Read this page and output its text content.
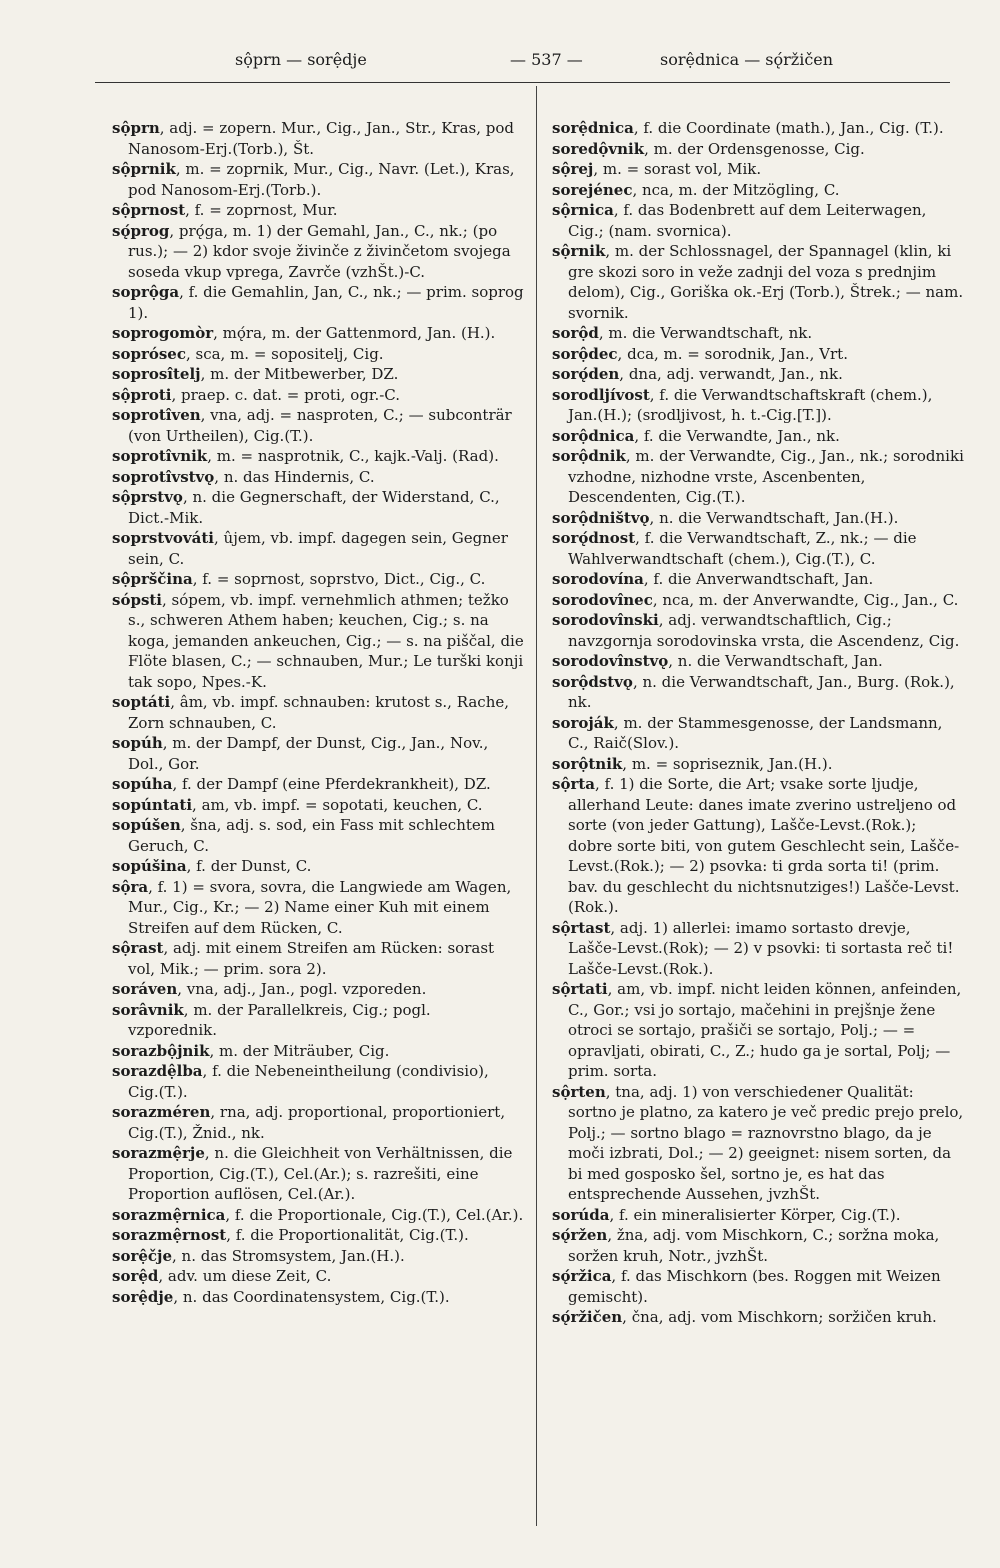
sộprn — sorệdje	— 537 —	sorệdnica — sǫ́ržičen

sộprn, adj. = zopern. Mur., Cig., Jan., Str., Kras, pod Nanosom-Erj.(Torb.), Št.

sộprnik, m. = zoprnik, Mur., Cig., Navr. (Let.), Kras, pod Nanosom-Erj.(Torb.).

sộprnost, f. = zoprnost, Mur.

sǫ́prog, prǫ́ga, m. 1) der Gemahl, Jan., C., nk.; (po rus.); — 2) kdor svoje živinče z živinčetom svojega soseda vkup vprega, Zavrče (vzhŠt.)-C.

soprộga, f. die Gemahlin, Jan, C., nk.; — prim. soprog 1).

soprogomòr, mǫ́ra, m. der Gattenmord, Jan. (H.).

soprósec, sca, m. = sopositelj, Cig.

soprosîtelj, m. der Mitbewerber, DZ.

sộproti, praep. c. dat. = proti, ogr.-C.

soprotîven, vna, adj. = nasproten, C.; — subconträr (von Urtheilen), Cig.(T.).

soprotîvnik, m. = nasprotnik, C., kajk.-Valj. (Rad).

soprotîvstvǫ, n. das Hindernis, C.

sộprstvǫ, n. die Gegnerschaft, der Widerstand, C., Dict.-Mik.

soprstvováti, ûjem, vb. impf. dagegen sein, Gegner sein, C.

sộprščina, f. = soprnost, soprstvo, Dict., Cig., C.

sópsti, sópem, vb. impf. vernehmlich athmen; težko s., schweren Athem haben; keuchen, Cig.; s. na koga, jemanden ankeuchen, Cig.; — s. na piščal, die Flöte blasen, C.; — schnauben, Mur.; Le turški konji tak sopo, Npes.-K.

soptáti, âm, vb. impf. schnauben: krutost s., Rache, Zorn schnauben, C.

sopúh, m. der Dampf, der Dunst, Cig., Jan., Nov., Dol., Gor.

sopúha, f. der Dampf (eine Pferdekrankheit), DZ.

sopúntati, am, vb. impf. = sopotati, keuchen, C.

sopúšen, šna, adj. s. sod, ein Fass mit schlechtem Geruch, C.

sopúšina, f. der Dunst, C.

sộra, f. 1) = svora, sovra, die Langwiede am Wagen, Mur., Cig., Kr.; — 2) Name einer Kuh mit einem Streifen auf dem Rücken, C.

sộrast, adj. mit einem Streifen am Rücken: sorast vol, Mik.; — prim. sora 2).

soráven, vna, adj., Jan., pogl. vzporeden.

sorâvnik, m. der Parallelkreis, Cig.; pogl. vzporednik.

sorazbộjnik, m. der Miträuber, Cig.

sorazdệlba, f. die Nebeneintheilung (condivisio), Cig.(T.).

sorazméren, rna, adj. proportional, proportioniert, Cig.(T.), Žnid., nk.

sorazmệrje, n. die Gleichheit von Verhältnissen, die Proportion, Cig.(T.), Cel.(Ar.); s. razrešiti, eine Proportion auflösen, Cel.(Ar.).

sorazmệrnica, f. die Proportionale, Cig.(T.), Cel.(Ar.).

sorazmệrnost, f. die Proportionalität, Cig.(T.).

sorệčje, n. das Stromsystem, Jan.(H.).

sorệd, adv. um diese Zeit, C.

sorệdje, n. das Coordinatensystem, Cig.(T.).

sorệdnica, f. die Coordinate (math.), Jan., Cig. (T.).

soredộvnik, m. der Ordensgenosse, Cig.

sộrej, m. = sorast vol, Mik.

sorejénec, nca, m. der Mitzögling, C.

sộrnica, f. das Bodenbrett auf dem Leiterwagen, Cig.; (nam. svornica).

sộrnik, m. der Schlossnagel, der Spannagel (klin, ki gre skozi soro in veže zadnji del voza s prednjim delom), Cig., Goriška ok.-Erj (Torb.), Štrek.; — nam. svornik.

sorộd, m. die Verwandtschaft, nk.

sorộdec, dca, m. = sorodnik, Jan., Vrt.

sorǫ́den, dna, adj. verwandt, Jan., nk.

sorodljívost, f. die Verwandtschaftskraft (chem.), Jan.(H.); (srodljivost, h. t.-Cig.[T.]).

sorộdnica, f. die Verwandte, Jan., nk.

sorộdnik, m. der Verwandte, Cig., Jan., nk.; sorodniki vzhodne, nizhodne vrste, Ascenbenten, Descendenten, Cig.(T.).

sorộdništvǫ, n. die Verwandtschaft, Jan.(H.).

sorǫ́dnost, f. die Verwandtschaft, Z., nk.; — die Wahlverwandtschaft (chem.), Cig.(T.), C.

sorodovína, f. die Anverwandtschaft, Jan.

sorodovînec, nca, m. der Anverwandte, Cig., Jan., C.

sorodovînski, adj. verwandtschaftlich, Cig.; navzgornja sorodovinska vrsta, die Ascendenz, Cig.

sorodovînstvǫ, n. die Verwandtschaft, Jan.

sorộdstvǫ, n. die Verwandtschaft, Jan., Burg. (Rok.), nk.

soroják, m. der Stammesgenosse, der Landsmann, C., Raič(Slov.).

sorộtnik, m. = sopriseznik, Jan.(H.).

sộrta, f. 1) die Sorte, die Art; vsake sorte ljudje, allerhand Leute: danes imate zverino ustreljeno od sorte (von jeder Gattung), Lašče-Levst.(Rok.); dobre sorte biti, von gutem Geschlecht sein, Lašče-Levst.(Rok.); — 2) psovka: ti grda sorta ti! (prim. bav. du geschlecht du nichtsnutziges!) Lašče-Levst.(Rok.).

sộrtast, adj. 1) allerlei: imamo sortasto drevje, Lašče-Levst.(Rok); — 2) v psovki: ti sortasta reč ti! Lašče-Levst.(Rok.).

sộrtati, am, vb. impf. nicht leiden können, anfeinden, C., Gor.; vsi jo sortajo, mačehini in prejšnje žene otroci se sortajo, prašiči se sortajo, Polj.; — = opravljati, obirati, C., Z.; hudo ga je sortal, Polj; — prim. sorta.

sộrten, tna, adj. 1) von verschiedener Qualität: sortno je platno, za katero je več predic prejo prelo, Polj.; — sortno blago = raznovrstno blago, da je moči izbrati, Dol.; — 2) geeignet: nisem sorten, da bi med gosposko šel, sortno je, es hat das entsprechende Aussehen, jvzhŠt.

sorúda, f. ein mineralisierter Körper, Cig.(T.).

sǫ́ržen, žna, adj. vom Mischkorn, C.; soržna moka, soržen kruh, Notr., jvzhŠt.

sǫ́ržica, f. das Mischkorn (bes. Roggen mit Weizen gemischt).

sǫ́ržičen, čna, adj. vom Mischkorn; soržičen kruh.
